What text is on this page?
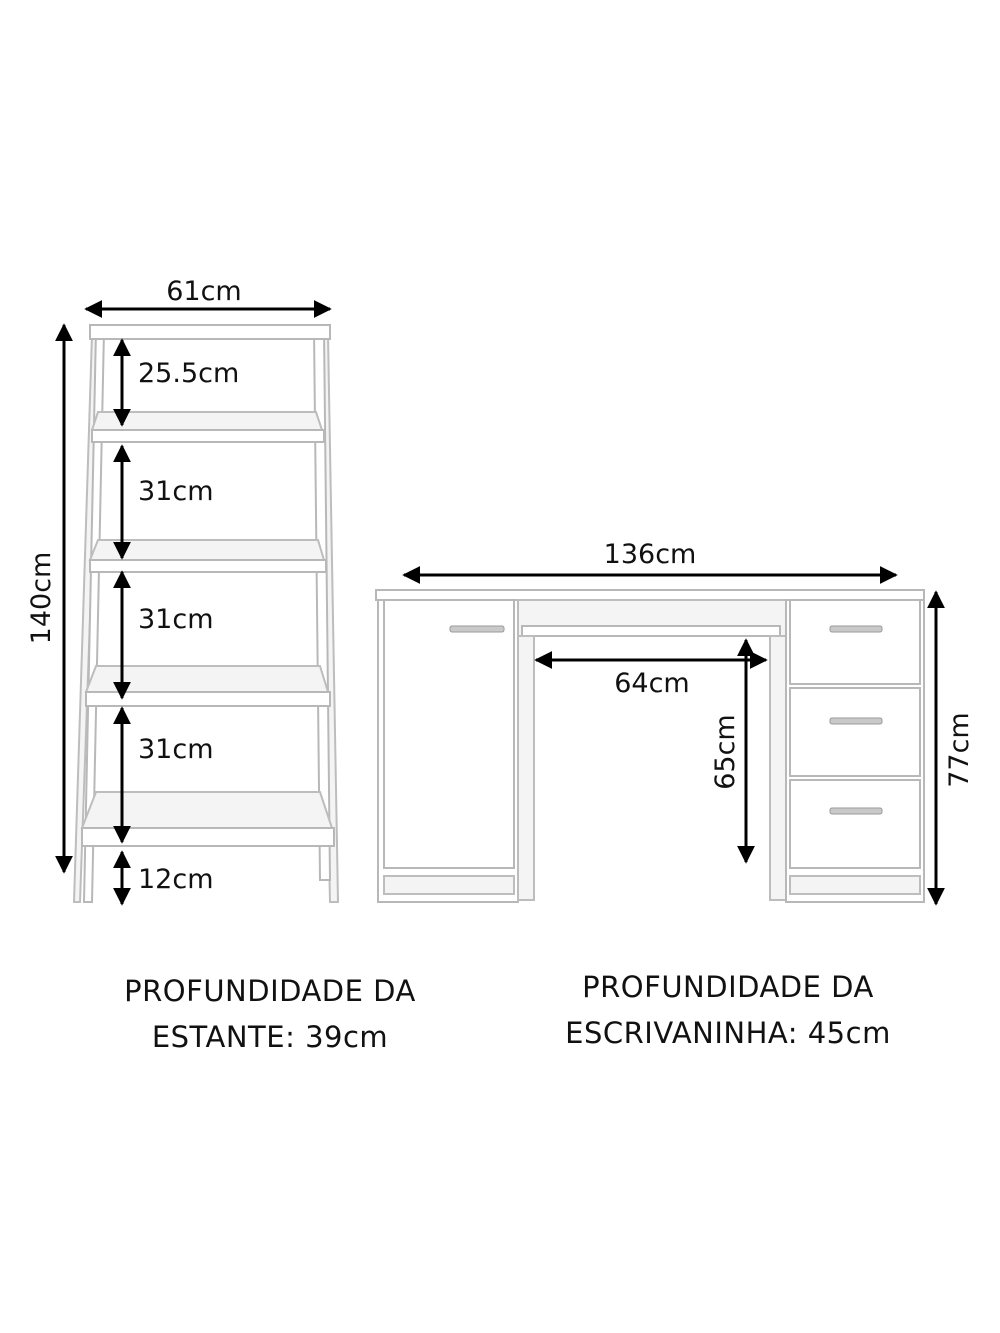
61cm
140cm
25.5cm
31cm
31cm
31cm
12cm
136cm
64cm
65cm	77cm
PROFUNDIDADE DA
ESTANTE: 39cm
PROFUNDIDADE DA
ESCRIVANINHA: 45cm
